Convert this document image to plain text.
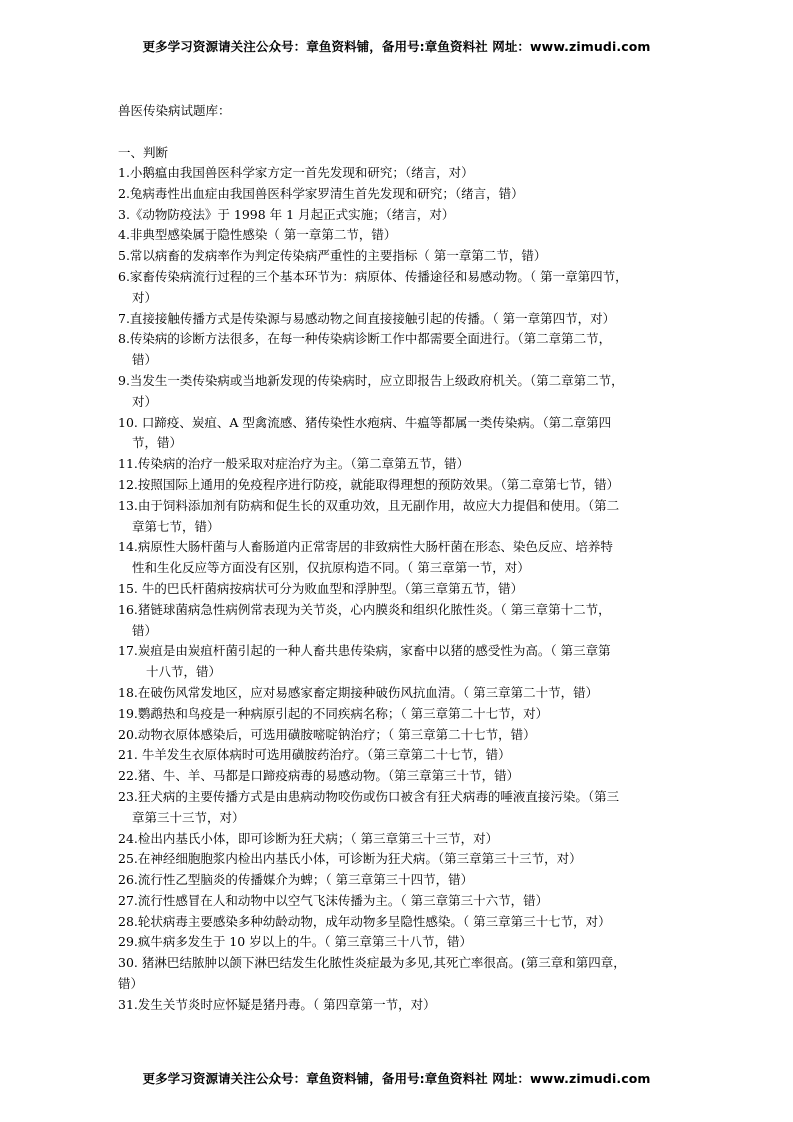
更多学习资源请关注公众号：章鱼资料铺，备用号:章鱼资料社 网址：www.zimudi.com

兽医传染病试题库：

一、判断

1.小鹅瘟由我国兽医科学家方定一首先发现和研究；（绪言，对）
2.兔病毒性出血症由我国兽医科学家罗清生首先发现和研究；（绪言，错）
3.《动物防疫法》于 1998 年 1 月起正式实施；（绪言，对）
4.非典型感染属于隐性感染（ 第一章第二节，错）
5.常以病畜的发病率作为判定传染病严重性的主要指标（ 第一章第二节，错）
6.家畜传染病流行过程的三个基本环节为：病原体、传播途径和易感动物。（ 第一章第四节，
对）
7.直接接触传播方式是传染源与易感动物之间直接接触引起的传播。（ 第一章第四节，对）
8.传染病的诊断方法很多，在每一种传染病诊断工作中都需要全面进行。（第二章第二节，
错）
9.当发生一类传染病或当地新发现的传染病时，应立即报告上级政府机关。（第二章第二节，
对）
10. 口蹄疫、炭疽、A 型禽流感、猪传染性水疱病、牛瘟等都属一类传染病。（第二章第四
节，错）
11.传染病的治疗一般采取对症治疗为主。（第二章第五节，错）
12.按照国际上通用的免疫程序进行防疫，就能取得理想的预防效果。（第二章第七节，错）
13.由于饲料添加剂有防病和促生长的双重功效，且无副作用，故应大力提倡和使用。（第二
章第七节，错）
14.病原性大肠杆菌与人畜肠道内正常寄居的非致病性大肠杆菌在形态、染色反应、培养特
性和生化反应等方面没有区别，仅抗原构造不同。（ 第三章第一节，对）
15. 牛的巴氏杆菌病按病状可分为败血型和浮肿型。（第三章第五节，错）
16.猪链球菌病急性病例常表现为关节炎，心内膜炎和组织化脓性炎。（ 第三章第十二节，
错）
17.炭疽是由炭疽杆菌引起的一种人畜共患传染病，家畜中以猪的感受性为高。（ 第三章第
十八节，错）
18.在破伤风常发地区，应对易感家畜定期接种破伤风抗血清。（ 第三章第二十节，错）
19.鹦鹉热和鸟疫是一种病原引起的不同疾病名称；（ 第三章第二十七节，对）
20.动物衣原体感染后，可选用磺胺嘧啶钠治疗；（ 第三章第二十七节，错）
21. 牛羊发生衣原体病时可选用磺胺药治疗。（第三章第二十七节，错）
22.猪、牛、羊、马都是口蹄疫病毒的易感动物。（第三章第三十节，错）
23.狂犬病的主要传播方式是由患病动物咬伤或伤口被含有狂犬病毒的唾液直接污染。（第三
章第三十三节，对）
24.检出内基氏小体，即可诊断为狂犬病；（ 第三章第三十三节，对）
25.在神经细胞胞浆内检出内基氏小体，可诊断为狂犬病。（第三章第三十三节，对）
26.流行性乙型脑炎的传播媒介为蜱；（ 第三章第三十四节，错）
27.流行性感冒在人和动物中以空气飞沫传播为主。（ 第三章第三十六节，错）
28.轮状病毒主要感染多种幼龄动物，成年动物多呈隐性感染。（ 第三章第三十七节，对）
29.疯牛病多发生于 10 岁以上的牛。（ 第三章第三十八节，错）
30. 猪淋巴结脓肿以颌下淋巴结发生化脓性炎症最为多见,其死亡率很高。(第三章和第四章，
错）
31.发生关节炎时应怀疑是猪丹毒。（ 第四章第一节，对）
更多学习资源请关注公众号：章鱼资料铺，备用号:章鱼资料社 网址：www.zimudi.com
